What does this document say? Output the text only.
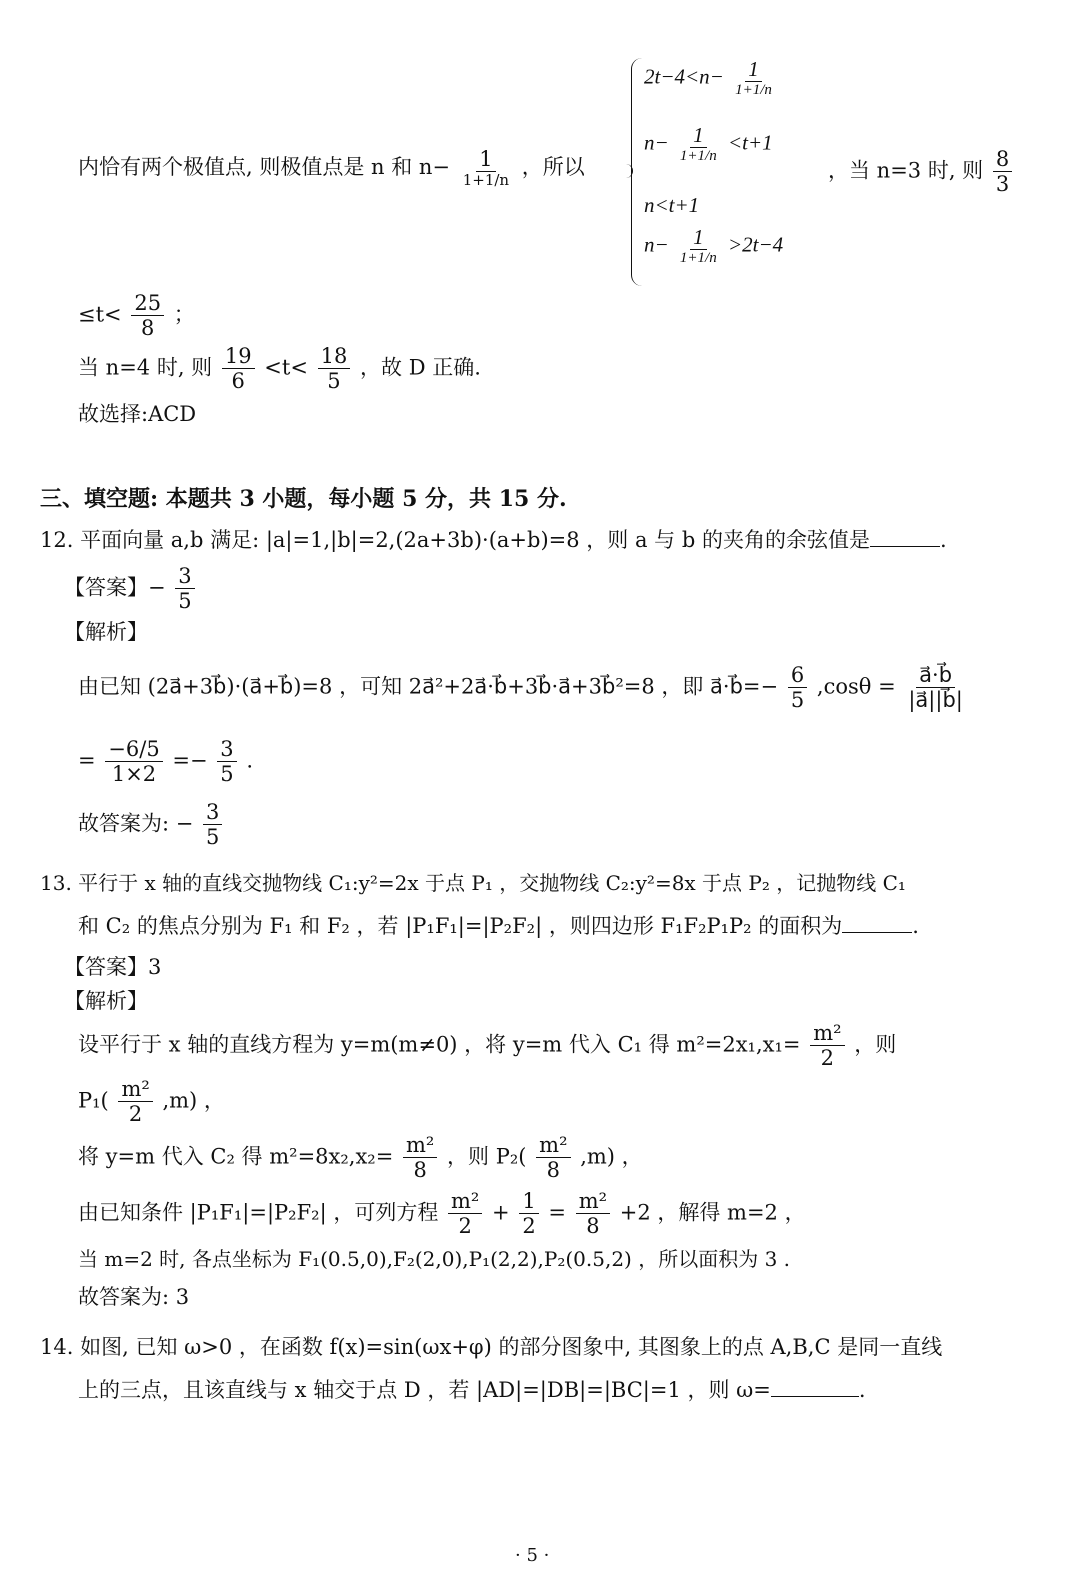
$2t-4<n- \frac{1}{1+1/n}$
$n- \frac{1}{1+1/n} <t+1$
n<t+1
$n- \frac{1}{1+1/n} >2t-4$
内恰有两个极值点, 则极值点是 n 和 $n- \frac{1}{1+1/n}$ ，所以	，当 n=3 时, 则 $\frac{8}{3}$
$\le t< \frac{25}{8}$ ；
当 n=4 时, 则 $\frac{19}{6} <t< \frac{18}{5}$ ，故 D 正确.
故选择:ACD
三、填空题: 本题共 3 小题，每小题 5 分，共 15 分.
12. 平面向量 a,b 满足: |a|=1,|b|=2,(2a+3b)·(a+b)=8 ，则 a 与 b 的夹角的余弦值是	.
【答案】− $\frac{3}{5}$
【解析】
由已知 (2a⃗+3b⃗)·(a⃗+b⃗)=8 ，可知 2a⃗²+2a⃗·b⃗+3b⃗·a⃗+3b⃗²=8 ，即 a⃗·b⃗=− $\frac{6}{5} ,\cos\theta = \frac{a⃗\cdot b⃗}{|a⃗||b⃗|}$
= $\frac{-6/5}{1\times 2} =- \frac{3}{5}$ .
故答案为: − $\frac{3}{5}$
13. 平行于 x 轴的直线交抛物线 C₁:y²=2x 于点 P₁ ，交抛物线 C₂:y²=8x 于点 P₂ ，记抛物线 C₁
和 C₂ 的焦点分别为 F₁ 和 F₂ ，若 |P₁F₁|=|P₂F₂| ，则四边形 F₁F₂P₁P₂ 的面积为	.
【答案】3
【解析】
设平行于 x 轴的直线方程为 y=m(m≠0) ，将 y=m 代入 C₁ 得 $m^2=2x_1,x_1= \frac{\text{m²}}{2}$ ，则
$P_1( \frac{\text{m²}}{2} ,m)$ ，
将 y=m 代入 C₂ 得 $m^2=8x_2,x_2= \frac{\text{m²}}{8}$ ，则 $P_2( \frac{\text{m²}}{8} ,m)$ ，
由已知条件 |P₁F₁|=|P₂F₂| ，可列方程 $\frac{\text{m²}}{2} + \frac{1}{2} = \frac{\text{m²}}{8} +2$ ，解得 m=2 ，
当 m=2 时, 各点坐标为 F₁(0.5,0),F₂(2,0),P₁(2,2),P₂(0.5,2) ，所以面积为 3 .
故答案为: 3
14. 如图, 已知 ω>0 ，在函数 f(x)=sin(ωx+φ) 的部分图象中, 其图象上的点 A,B,C 是同一直线
上的三点，且该直线与 x 轴交于点 D ，若 |AD|=|DB|=|BC|=1 ，则 ω=	.
· 5 ·
